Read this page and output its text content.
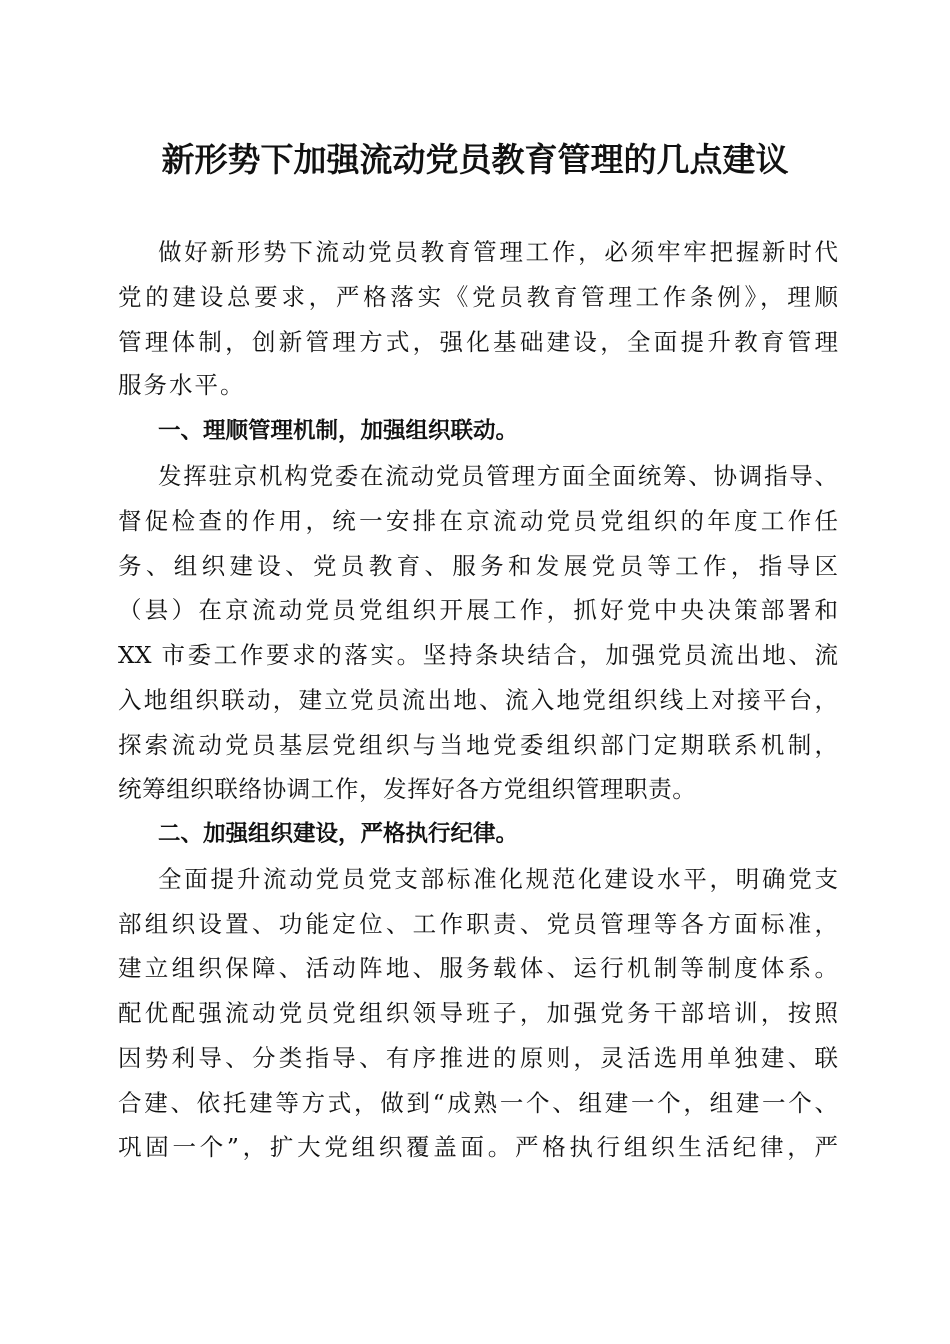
新形势下加强流动党员教育管理的几点建议

做好新形势下流动党员教育管理工作，必须牢牢把握新时代

党的建设总要求，严格落实《党员教育管理工作条例》，理顺

管理体制，创新管理方式，强化基础建设，全面提升教育管理

服务水平。

一、理顺管理机制，加强组织联动。

发挥驻京机构党委在流动党员管理方面全面统筹、协调指导、

督促检查的作用，统一安排在京流动党员党组织的年度工作任

务、组织建设、党员教育、服务和发展党员等工作，指导区

（县）在京流动党员党组织开展工作，抓好党中央决策部署和

XX 市委工作要求的落实。坚持条块结合，加强党员流出地、流

入地组织联动，建立党员流出地、流入地党组织线上对接平台，

探索流动党员基层党组织与当地党委组织部门定期联系机制，

统筹组织联络协调工作，发挥好各方党组织管理职责。

二、加强组织建设，严格执行纪律。

全面提升流动党员党支部标准化规范化建设水平，明确党支

部组织设置、功能定位、工作职责、党员管理等各方面标准，

建立组织保障、活动阵地、服务载体、运行机制等制度体系。

配优配强流动党员党组织领导班子，加强党务干部培训，按照

因势利导、分类指导、有序推进的原则，灵活选用单独建、联

合建、依托建等方式，做到“成熟一个、组建一个，组建一个、

巩固一个”，扩大党组织覆盖面。严格执行组织生活纪律，严
